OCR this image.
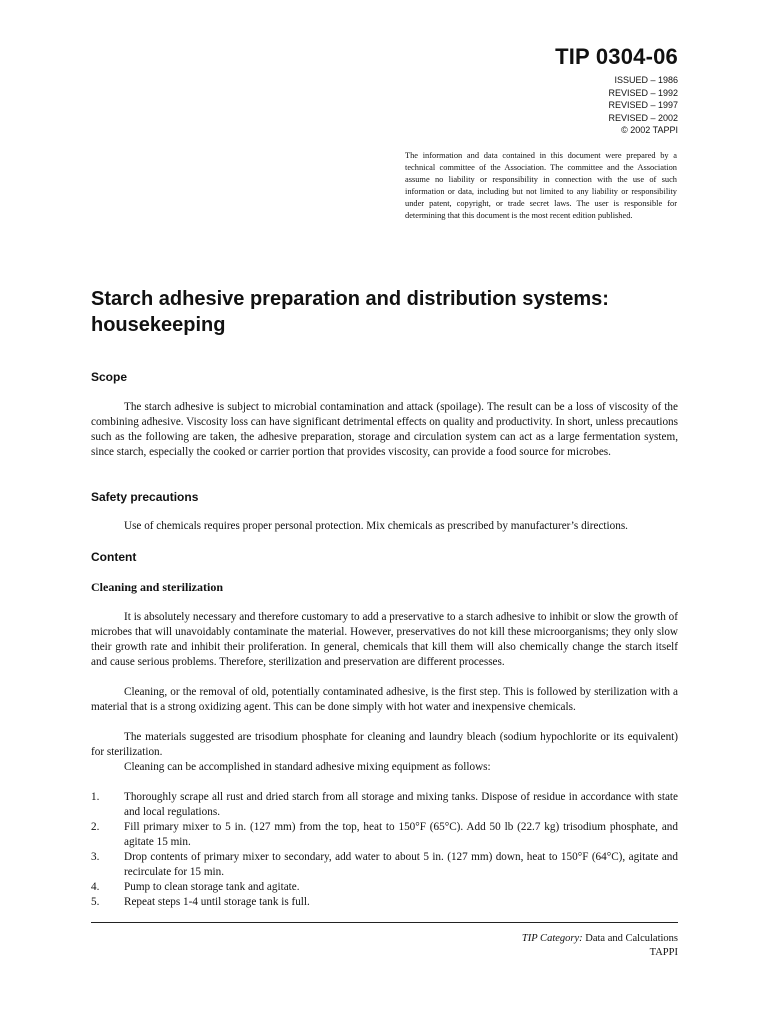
TIP 0304-06
ISSUED – 1986
REVISED – 1992
REVISED – 1997
REVISED – 2002
© 2002 TAPPI
The information and data contained in this document were prepared by a technical committee of the Association. The committee and the Association assume no liability or responsibility in connection with the use of such information or data, including but not limited to any liability or responsibility under patent, copyright, or trade secret laws. The user is responsible for determining that this document is the most recent edition published.
Starch adhesive preparation and distribution systems: housekeeping
Scope

The starch adhesive is subject to microbial contamination and attack (spoilage). The result can be a loss of viscosity of the combining adhesive. Viscosity loss can have significant detrimental effects on quality and productivity. In short, unless precautions such as the following are taken, the adhesive preparation, storage and circulation system can act as a large fermentation system, since starch, especially the cooked or carrier portion that provides viscosity, can provide a food source for microbes.

Safety precautions

Use of chemicals requires proper personal protection. Mix chemicals as prescribed by manufacturer’s directions.

Content
Cleaning and sterilization

It is absolutely necessary and therefore customary to add a preservative to a starch adhesive to inhibit or slow the growth of microbes that will unavoidably contaminate the material. However, preservatives do not kill these microorganisms; they only slow their growth rate and inhibit their proliferation. In general, chemicals that kill them will also chemically change the starch itself and cause serious problems. Therefore, sterilization and preservation are different processes.

Cleaning, or the removal of old, potentially contaminated adhesive, is the first step. This is followed by sterilization with a material that is a strong oxidizing agent. This can be done simply with hot water and inexpensive chemicals.

The materials suggested are trisodium phosphate for cleaning and laundry bleach (sodium hypochlorite or its equivalent) for sterilization.

Cleaning can be accomplished in standard adhesive mixing equipment as follows:

1.	Thoroughly scrape all rust and dried starch from all storage and mixing tanks. Dispose of residue in accordance with state and local regulations.
2.	Fill primary mixer to 5 in. (127 mm) from the top, heat to 150°F (65°C). Add 50 lb (22.7 kg) trisodium phosphate, and agitate 15 min.
3.	Drop contents of primary mixer to secondary, add water to about 5 in. (127 mm) down, heat to 150°F (64°C), agitate and recirculate for 15 min.
4.	Pump to clean storage tank and agitate.
5.	Repeat steps 1-4 until storage tank is full.
TIP Category: Data and Calculations
TAPPI
